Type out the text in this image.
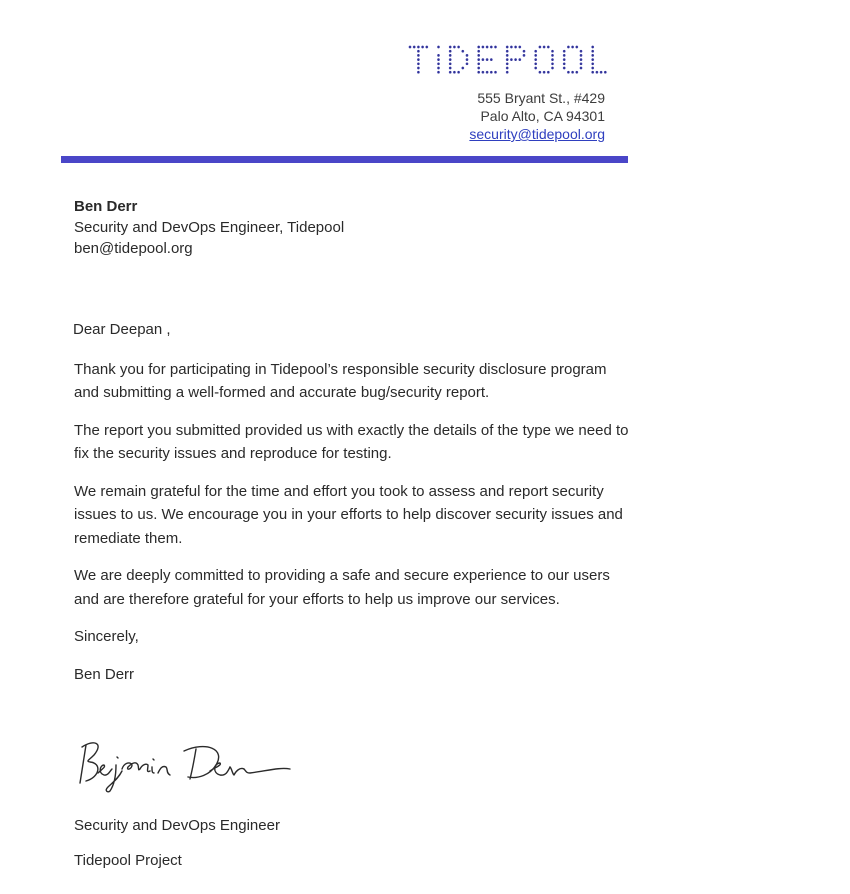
555 Bryant St., #429
Palo Alto, CA 94301
security@tidepool.org
Ben Derr
Security and DevOps Engineer, Tidepool
ben@tidepool.org

Dear Deepan ,

Thank you for participating in Tidepool’s responsible security disclosure program and submitting a well-formed and accurate bug/security report.

The report you submitted provided us with exactly the details of the type we need to fix the security issues and reproduce for testing.

We remain grateful for the time and effort you took to assess and report security issues to us. We encourage you in your efforts to help discover security issues and remediate them.

We are deeply committed to providing a safe and secure experience to our users and are therefore grateful for your efforts to help us improve our services.

Sincerely,

Ben Derr

Security and DevOps Engineer

Tidepool Project
